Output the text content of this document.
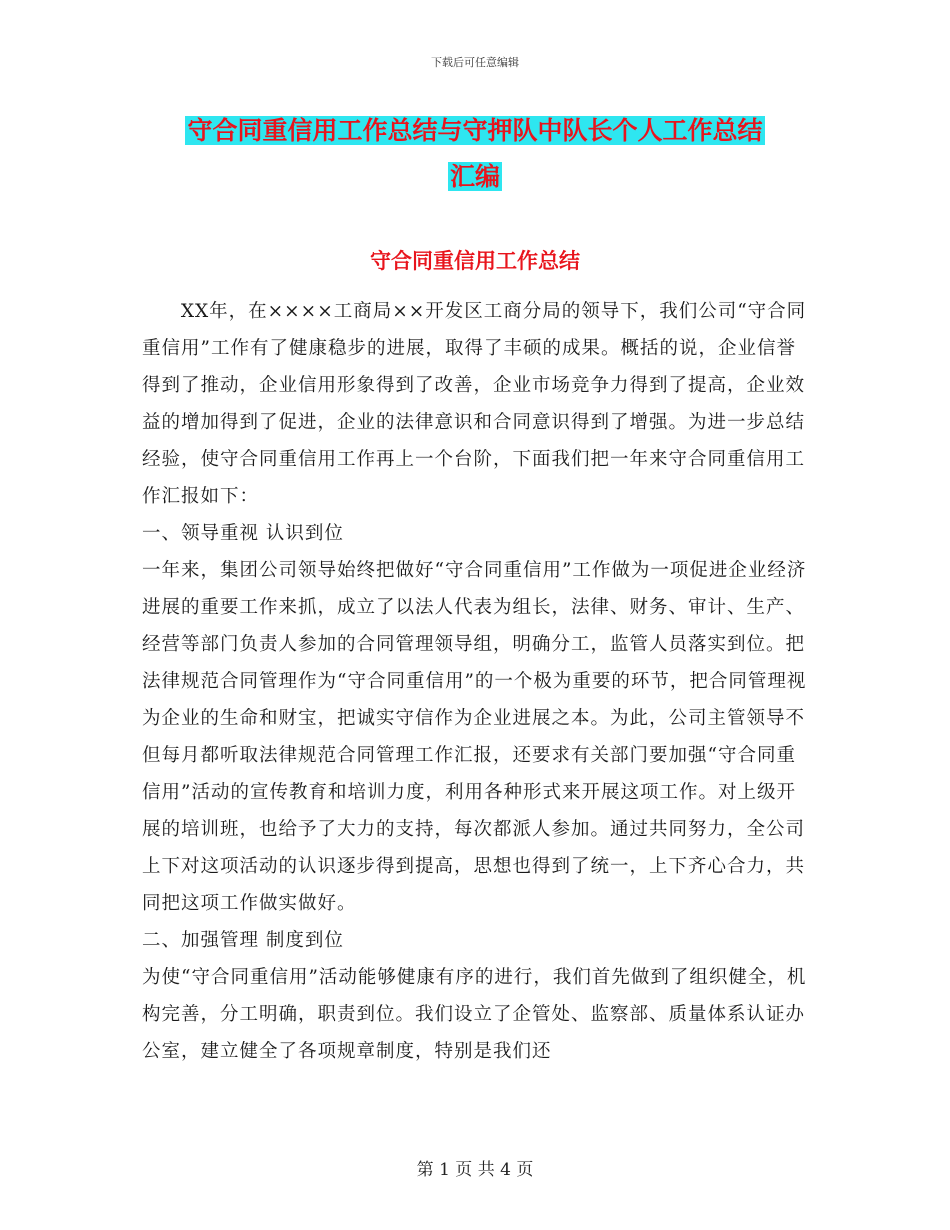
下载后可任意编辑
守合同重信用工作总结与守押队中队长个人工作总结
汇编
守合同重信用工作总结

XX年，在××××工商局××开发区工商分局的领导下，我们公司“守合同重信用”工作有了健康稳步的进展，取得了丰硕的成果。概括的说，企业信誉得到了推动，企业信用形象得到了改善，企业市场竞争力得到了提高，企业效益的增加得到了促进，企业的法律意识和合同意识得到了增强。为进一步总结经验，使守合同重信用工作再上一个台阶，下面我们把一年来守合同重信用工作汇报如下：

一、领导重视 认识到位

一年来，集团公司领导始终把做好“守合同重信用”工作做为一项促进企业经济进展的重要工作来抓，成立了以法人代表为组长，法律、财务、审计、生产、经营等部门负责人参加的合同管理领导组，明确分工，监管人员落实到位。把法律规范合同管理作为“守合同重信用”的一个极为重要的环节，把合同管理视为企业的生命和财宝，把诚实守信作为企业进展之本。为此，公司主管领导不但每月都听取法律规范合同管理工作汇报，还要求有关部门要加强“守合同重信用”活动的宣传教育和培训力度，利用各种形式来开展这项工作。对上级开展的培训班，也给予了大力的支持，每次都派人参加。通过共同努力，全公司上下对这项活动的认识逐步得到提高，思想也得到了统一，上下齐心合力，共同把这项工作做实做好。

二、加强管理 制度到位

为使“守合同重信用”活动能够健康有序的进行，我们首先做到了组织健全，机构完善，分工明确，职责到位。我们设立了企管处、监察部、质量体系认证办公室，建立健全了各项规章制度，特别是我们还

第 1 页 共 4 页
